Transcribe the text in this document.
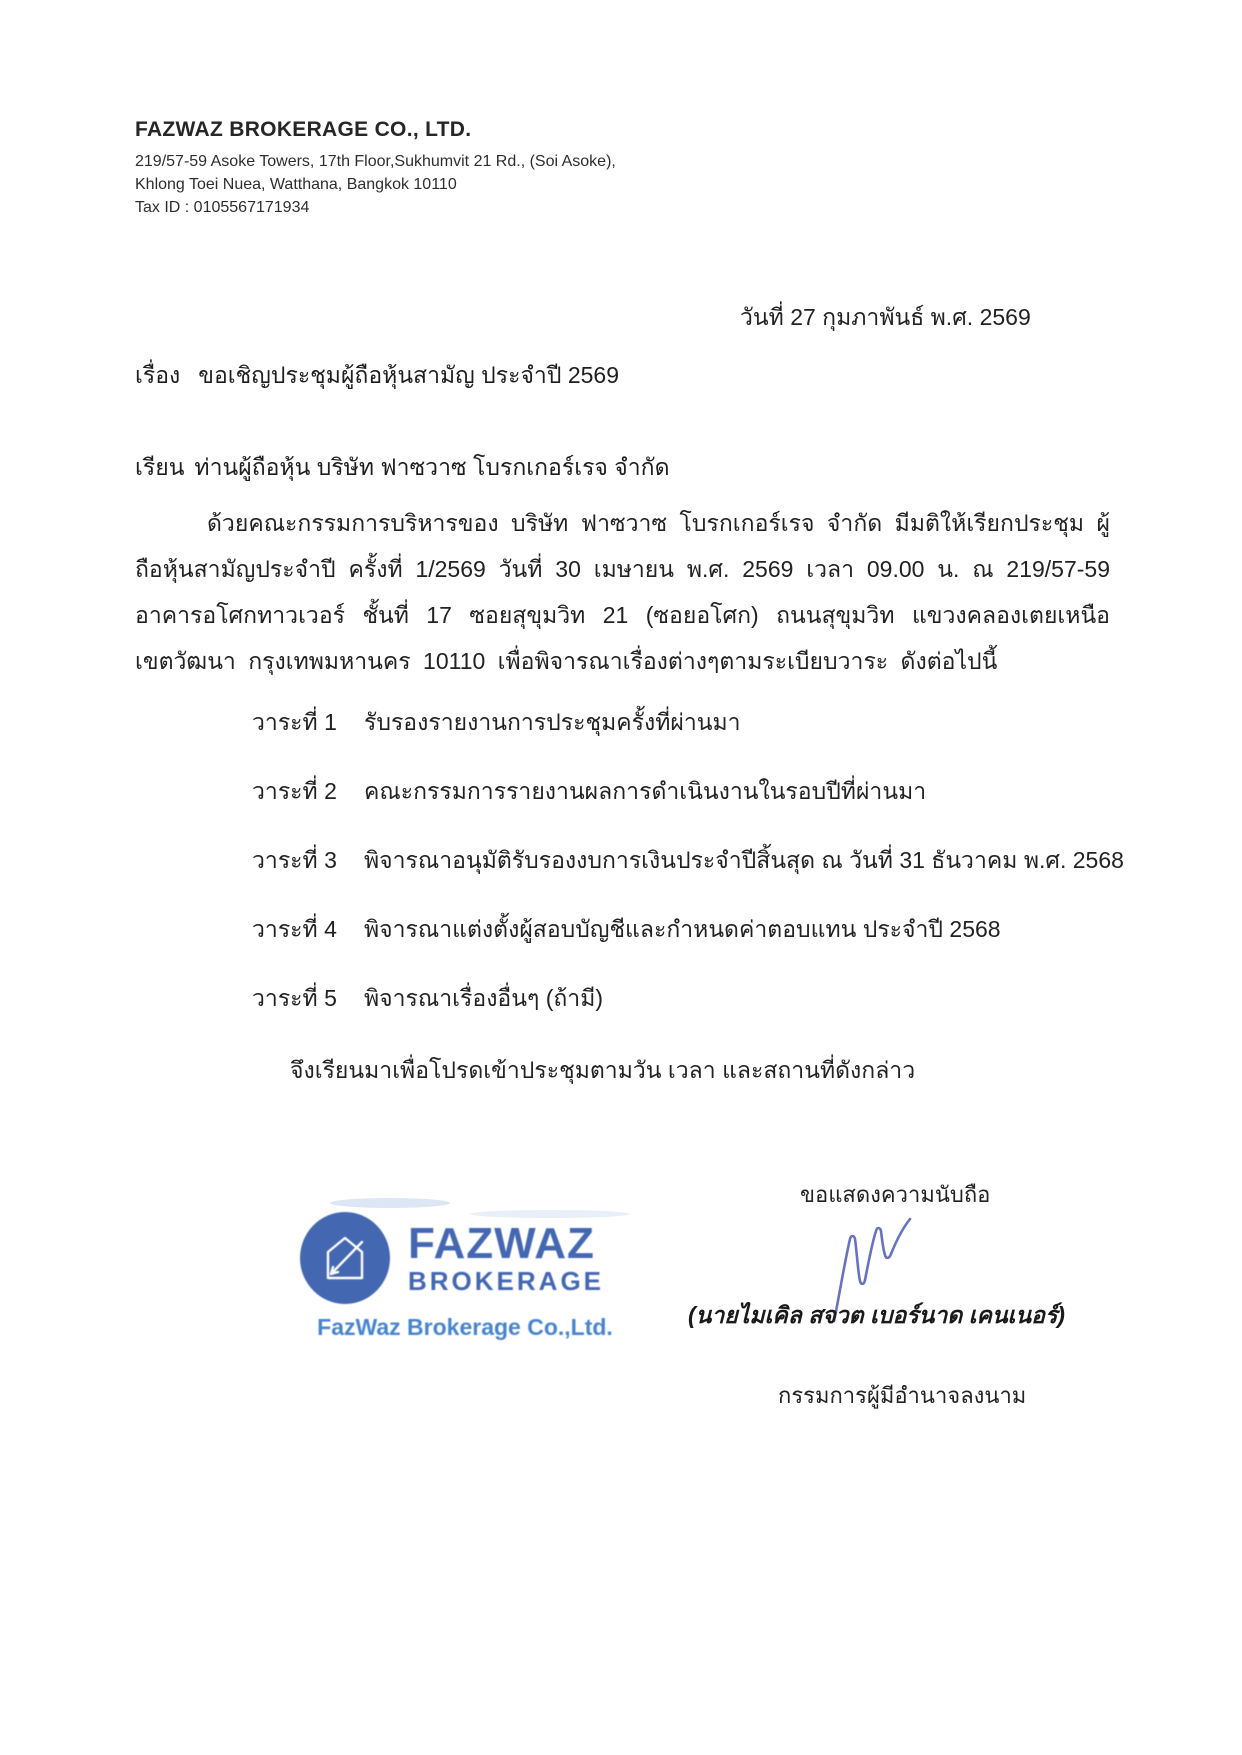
FAZWAZ BROKERAGE CO., LTD.
219/57-59 Asoke Towers, 17th Floor,Sukhumvit 21 Rd., (Soi Asoke),
Khlong Toei Nuea, Watthana, Bangkok 10110
Tax ID : 0105567171934
วันที่ 27 กุมภาพันธ์ พ.ศ. 2569
เรื่อง ขอเชิญประชุมผู้ถือหุ้นสามัญ ประจำปี 2569
เรียน ท่านผู้ถือหุ้น บริษัท ฟาซวาซ โบรกเกอร์เรจ จำกัด
ด้วยคณะกรรมการบริหารของ บริษัท ฟาซวาซ โบรกเกอร์เรจ จำกัด มีมติให้เรียกประชุม ผู้ถือหุ้นสามัญประจำปี ครั้งที่ 1/2569 วันที่ 30 เมษายน พ.ศ. 2569 เวลา 09.00 น. ณ 219/57-59 อาคารอโศกทาวเวอร์ ชั้นที่ 17 ซอยสุขุมวิท 21 (ซอยอโศก) ถนนสุขุมวิท แขวงคลองเตยเหนือ เขตวัฒนา กรุงเทพมหานคร 10110 เพื่อพิจารณาเรื่องต่างๆตามระเบียบวาระ ดังต่อไปนี้
วาระที่ 1	รับรองรายงานการประชุมครั้งที่ผ่านมา
วาระที่ 2	คณะกรรมการรายงานผลการดำเนินงานในรอบปีที่ผ่านมา
วาระที่ 3	พิจารณาอนุมัติรับรองงบการเงินประจำปีสิ้นสุด ณ วันที่ 31 ธันวาคม พ.ศ. 2568
วาระที่ 4	พิจารณาแต่งตั้งผู้สอบบัญชีและกำหนดค่าตอบแทน ประจำปี 2568
วาระที่ 5	พิจารณาเรื่องอื่นๆ (ถ้ามี)
จึงเรียนมาเพื่อโปรดเข้าประชุมตามวัน เวลา และสถานที่ดังกล่าว
ขอแสดงความนับถือ
(นายไมเคิล สจวต เบอร์นาด เคนเนอร์)
กรรมการผู้มีอำนาจลงนาม
FAZWAZ
BROKERAGE
FazWaz Brokerage Co.,Ltd.
